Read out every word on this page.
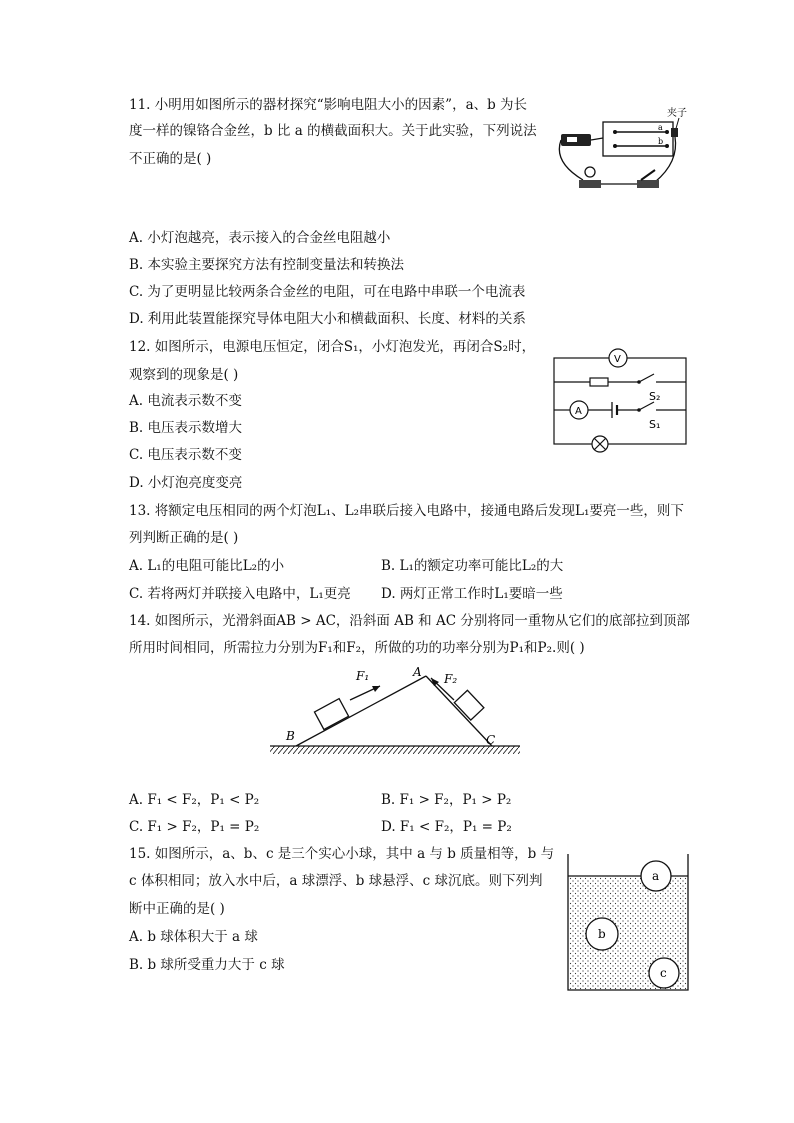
11. 小明用如图所示的器材探究“影响电阻大小的因素”，a、b 为长
度一样的镍铬合金丝，b 比 a 的横截面积大。关于此实验，下列说法
不正确的是( )
a
b
夹子
A. 小灯泡越亮，表示接入的合金丝电阻越小
B. 本实验主要探究方法有控制变量法和转换法
C. 为了更明显比较两条合金丝的电阻，可在电路中串联一个电流表
D. 利用此装置能探究导体电阻大小和横截面积、长度、材料的关系
12. 如图所示，电源电压恒定，闭合S₁，小灯泡发光，再闭合S₂时，
观察到的现象是( )
V
S₂
A
S₁
A. 电流表示数不变
B. 电压表示数增大
C. 电压表示数不变
D. 小灯泡亮度变亮
13. 将额定电压相同的两个灯泡L₁、L₂串联后接入电路中，接通电路后发现L₁要亮一些，则下
列判断正确的是( )
A. L₁的电阻可能比L₂的小	B. L₁的额定功率可能比L₂的大
C. 若将两灯并联接入电路中，L₁更亮 D. 两灯正常工作时L₁要暗一些
14. 如图所示，光滑斜面AB > AC，沿斜面 AB 和 AC 分别将同一重物从它们的底部拉到顶部
所用时间相同，所需拉力分别为F₁和F₂，所做的功的功率分别为P₁和P₂.则( )
F₁	F₂
A
B	C
A. F₁ < F₂，P₁ < P₂	B. F₁ > F₂，P₁ > P₂
C. F₁ > F₂，P₁ = P₂	D. F₁ < F₂，P₁ = P₂
15. 如图所示，a、b、c 是三个实心小球，其中 a 与 b 质量相等，b 与
c 体积相同；放入水中后，a 球漂浮、b 球悬浮、c 球沉底。则下列判
断中正确的是( )
A. b 球体积大于 a 球
B. b 球所受重力大于 c 球
a
b
c
